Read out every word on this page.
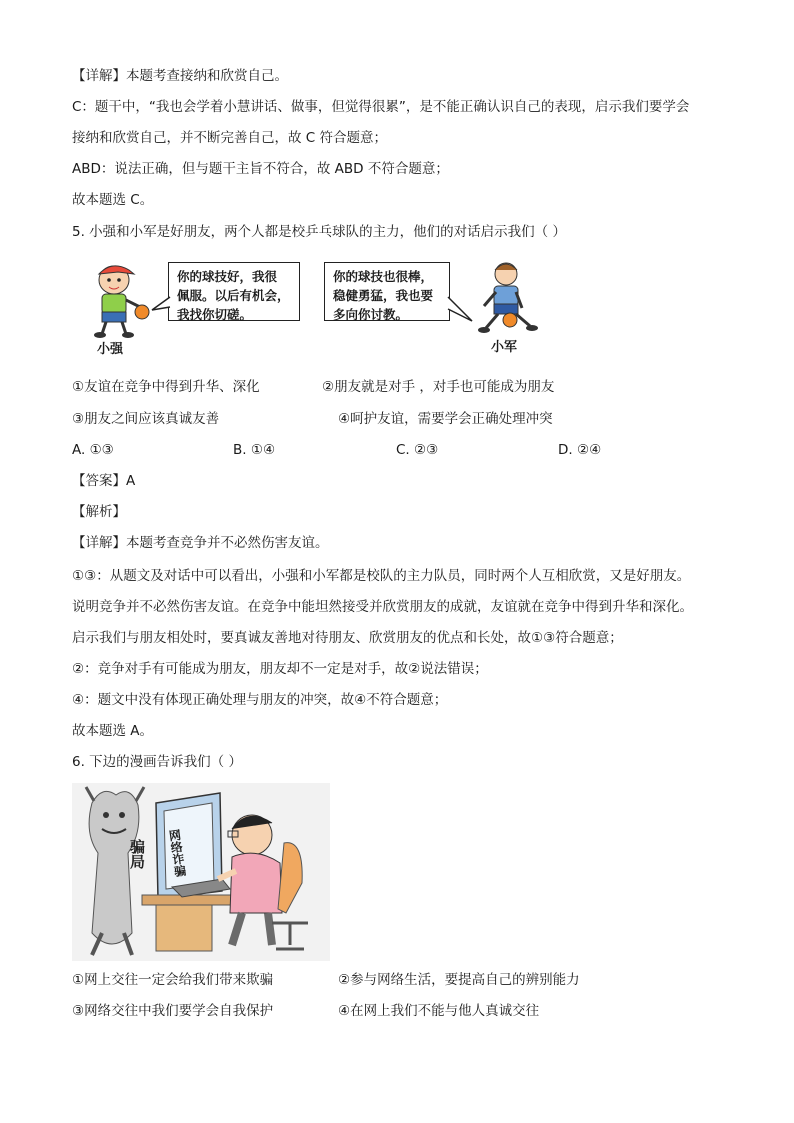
【详解】本题考查接纳和欣赏自己。
C：题干中，“我也会学着小慧讲话、做事，但觉得很累”，是不能正确认识自己的表现，启示我们要学会
接纳和欣赏自己，并不断完善自己，故 C 符合题意；
ABD：说法正确，但与题干主旨不符合，故 ABD 不符合题意；
故本题选 C。
5. 小强和小军是好朋友，两个人都是校乒乓球队的主力，他们的对话启示我们（ ）
小强
你的球技好，我很
佩服。以后有机会，
我找你切磋。
你的球技也很棒，
稳健勇猛，我也要
多向你讨教。
小军
①友谊在竞争中得到升华、深化	②朋友就是对手 ，对手也可能成为朋友
③朋友之间应该真诚友善	④呵护友谊，需要学会正确处理冲突
A. ①③	B. ①④	C. ②③	D. ②④
【答案】A
【解析】
【详解】本题考查竞争并不必然伤害友谊。
①③：从题文及对话中可以看出，小强和小军都是校队的主力队员，同时两个人互相欣赏，又是好朋友。
说明竞争并不必然伤害友谊。在竞争中能坦然接受并欣赏朋友的成就，友谊就在竞争中得到升华和深化。
启示我们与朋友相处时，要真诚友善地对待朋友、欣赏朋友的优点和长处，故①③符合题意；
②：竞争对手有可能成为朋友，朋友却不一定是对手，故②说法错误；
④：题文中没有体现正确处理与朋友的冲突，故④不符合题意；
故本题选 A。
6. 下边的漫画告诉我们（ ）
网络诈骗
骗局
①网上交往一定会给我们带来欺骗	②参与网络生活，要提高自己的辨别能力
③网络交往中我们要学会自我保护	④在网上我们不能与他人真诚交往
